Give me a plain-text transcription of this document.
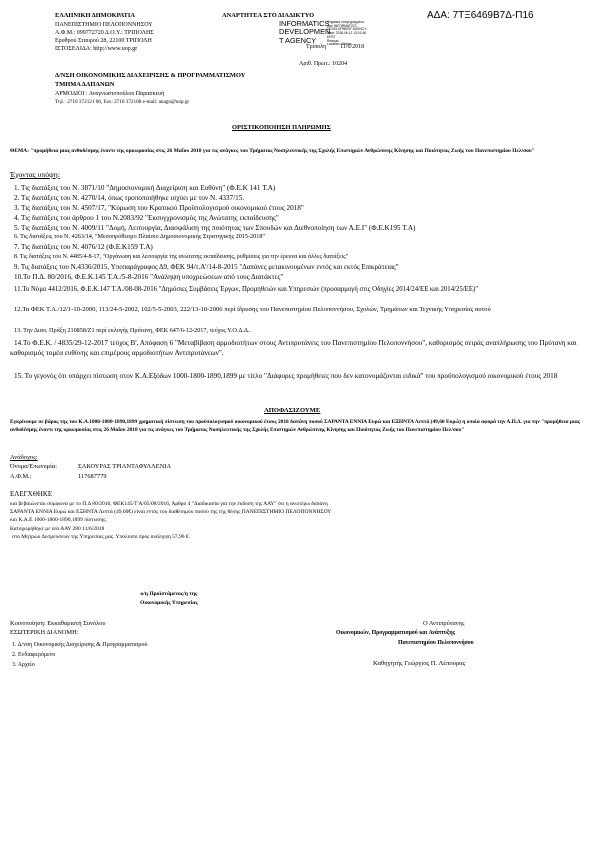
ΕΛΛΗΝΙΚΗ ΔΗΜΟΚΡΑΤΙΑ
ΠΑΝΕΠΙΣΤΗΜΙΟ ΠΕΛΟΠΟΝΝΗΣΟΥ
Α.Φ.Μ.: 099772720 Δ.Ο.Υ.: ΤΡΙΠΟΛΗΣ
Ερυθρού Σταυρού 28, 22100 ΤΡΙΠΟΛΗ
ΙΣΤΟΣΕΛΙΔΑ: http://www.uop.gr
ΑΝΑΡΤΗΤΕΑ ΣΤΟ ΔΙΑΔΙΚΤΥΟ	ΑΔΑ: 7ΤΞ6469Β7Δ-Π16
INFORMATICS
DEVELOPMEN
T AGENCY
Ψηφιακά υπογεγραμμένο
από INFORMATICS
DEVELOPMENT AGENCY
Date: 2018.06.12 13:01:46
EEST
Reason:
Location: Athens
Τρίπολη 11/6/2018
Αριθ. Πρωτ.: 10204
Δ/ΝΣΗ ΟΙΚΟΝΟΜΙΚΗΣ ΔΙΑΧΕΙΡΙΣΗΣ & ΠΡΟΓΡΑΜΜΑΤΙΣΜΟΥ
ΤΜΗΜΑ ΔΑΠΑΝΩΝ
ΑΡΜΟΔΙΟΙ : Αναγνωστοπούλου Παρασκευή
Τηλ.: 2710 372121 06, Fax: 2710 372108 e-mail: anagn@uop.gr
ΟΡΙΣΤΙΚΟΠΟΙΗΣΗ ΠΛΗΡΩΜΗΣ
ΘΕΜΑ: "προμήθεια μιας ανθοδέσμης έναντι της ορκωμοσίας στις 26 Μαΐου 2018 για τις ανάγκες του Τμήματος Νοσηλευτικής της Σχολής Επιστημών Ανθρώπινης Κίνησης και Ποιότητας Ζωής του Πανεπιστημίου Πελ/σου"
Έχοντας υπόψη:
1. Τις διατάξεις του Ν. 3871/10 "Δημοσιονομική Διαχείριση και Ευθύνη" (Φ.Ε.Κ 141 Τ.Α)
2. Τις διατάξεις του Ν. 4270/14, όπως τροποποιήθηκε ισχύει με τον Ν. 4337/15.
3. Τις διατάξεις του Ν. 4507/17, "Κύρωση του Κρατικού Προϋπολογισμού οικονομικού έτους 2018"
4. Τις διατάξεις του άρθρου 1 του Ν.2083/92 "Εκσυγχρονισμός της Ανώτατης εκπαίδευσης"
5. Τις διατάξεις του Ν. 4009/11 "Δομή, Λειτουργία, Διασφάλιση της ποιότητας των Σπουδών και Διεθνοποίηση των Α.Ε.Ι" (Φ.Ε.Κ195 Τ.Α)
6. Τις διατάξεις του Ν. 4263/14, "Μεσοπρόθεσμο Πλαίσιο Δημοσιονομικής Στρατηγικής 2015-2018"
7. Τις διατάξεις του Ν. 4076/12 (Φ.Ε.Κ159 Τ.Α)
8. Τις διατάξεις του Ν. 4485/4-8-17, "Οργάνωση και λειτουργία της ανώτατης εκπαίδευσης, ρυθμίσεις για την έρευνα και άλλες διατάξεις"
9. Τις διατάξεις του Ν.4336/2015, Υποπαράγραφος Δ9, ΦΕΚ 94/τ.Α'/14-8-2015 "Δαπάνες μετακινουμένων εντός και εκτός Επικράτειας"
10.Το Π.Δ. 80/2016, Φ.Ε.Κ.145 Τ.Α./5-8-2016 "Ανάληψη υποχρεώσεων από τους Διατάκτες"
11.Το Νόμο 4412/2016, Φ.Ε.Κ.147 Τ.Α./08-08-2016 "Δημόσιες Συμβάσεις Έργων, Προμηθειών και Υπηρεσιών (προσαρμογή στις Οδηγίες 2014/24/ΕΕ και 2014/25/ΕΕ)"
12.Τα ΦΕΚ Τ.Α./12/1-10-2000, 113/24-5-2002, 102/5-5-2003, 222/13-10-2006 περί ίδρυσης του Πανεπιστημίου Πελοποννήσου, Σχολών, Τμημάτων και Τεχνικής Υπηρεσίας αυτού
13. Την Διαπ. Πράξη 210858/Ζ1 περί εκλογής Πρύτανη, ΦΕΚ 647/6-12-2017, τεύχος Υ.Ο.Δ.Δ..
14.Το Φ.Ε.Κ. / 4835/29-12-2017 τεύχος Β', Απόφαση 6 "Μεταβίβαση αρμοδιοτήτων στους Αντιπρυτάνεις του Πανεπιστημίου Πελοποννήσου", καθορισμός σειράς αναπλήρωσης του Πρύτανη και καθορισμός τομέα ευθύνης και επιμέρους αρμοδιοτήτων Αντιπρυτάνεων".
15. Το γεγονός ότι υπάρχει πίστωση στον Κ.Α.Εξόδων 1000-1800-1890,1899 με τίτλο "Διάφορες προμήθειες που δεν κατονομάζονται ειδικά" του προϋπολογισμού οικονομικού έτους 2018
ΑΠΟΦΑΣΙΖΟΥΜΕ
Εγκρίνουμε σε βάρος της του Κ.Α.1000-1800-1890,1899 χρηματική πίστωση του προϋπολογισμού οικονομικού έτους 2018 δαπάνη ποσού ΣΑΡΑΝΤΑ ΕΝΝΙΑ Ευρώ και ΕΞΗΝΤΑ Λεπτά (49,60 Ευρώ) η οποία αφορά την Α.Π.Δ. για την "προμήθεια μιας ανθοδέσμης έναντι της ορκωμοσίας στις 26 Μαΐου 2018 για τις ανάγκες του Τμήματος Νοσηλευτικής της Σχολής Επιστημών Ανθρώπινης Κίνησης και Ποιότητας Ζωής του Πανεπιστημίου Πελ/σου"
Ανάδοχος:
Όνομα/Επωνυμία:	ΣΑΚΟΥΡΑΣ ΤΡΙΑΝΤΑΦΥΛΛΕΝΙΑ
Α.Φ.Μ.:	117687779
ΕΛΕΓΧΘΗΚΕ
και βεβαιώνεται σύμφωνα με το Π.Δ 80/2016, ΦΕΚ145/Τ'Α/05/08/2016, Άρθρο 4 "Διαδικασία για την έκδοση της ΑΑΥ" ότι η ανωτέρω δαπάνη
ΣΑΡΑΝΤΑ ΕΝΝΙΑ Ευρώ και ΕΞΗΝΤΑ Λεπτά (49,60€) είναι εντός του διαθέσιμου ποσού της της θέσης ΠΑΝΕΠΙΣΤΗΜΙΟ ΠΕΛΟΠΟΝΝΗΣΟΥ
και Κ.Α.Ε 1000-1800-1890,1899 πίστωσης.
Καταχωρήθηκε με α/α ΑΑΥ 280 11/6/2018
στο Μητρώο Δεσμεύσεων της Υπηρεσίας μας. Υπόλοιπο προς ανάληψη 57,96 €.
ο/η Προϊστάμενος/η της
Οικονομικής Υπηρεσίας
Κοινοποίηση: Εκκαθαριστή Συνόλου
ΕΣΩΤΕΡΙΚΗ ΔΙΑΝΟΜΗ:
1. Δ/νση Οικονομικής Διαχείρισης & Προγραμματισμού
2. Ενδιαφερόμενο
3. Αρχείο
Ο Αντιπρύτανης
Οικονομικών, Προγραμματισμού και Ανάπτυξης
Πανεπιστημίου Πελοποννήσου
Καθηγητής Γεώργιος Π. Λέπουρας
